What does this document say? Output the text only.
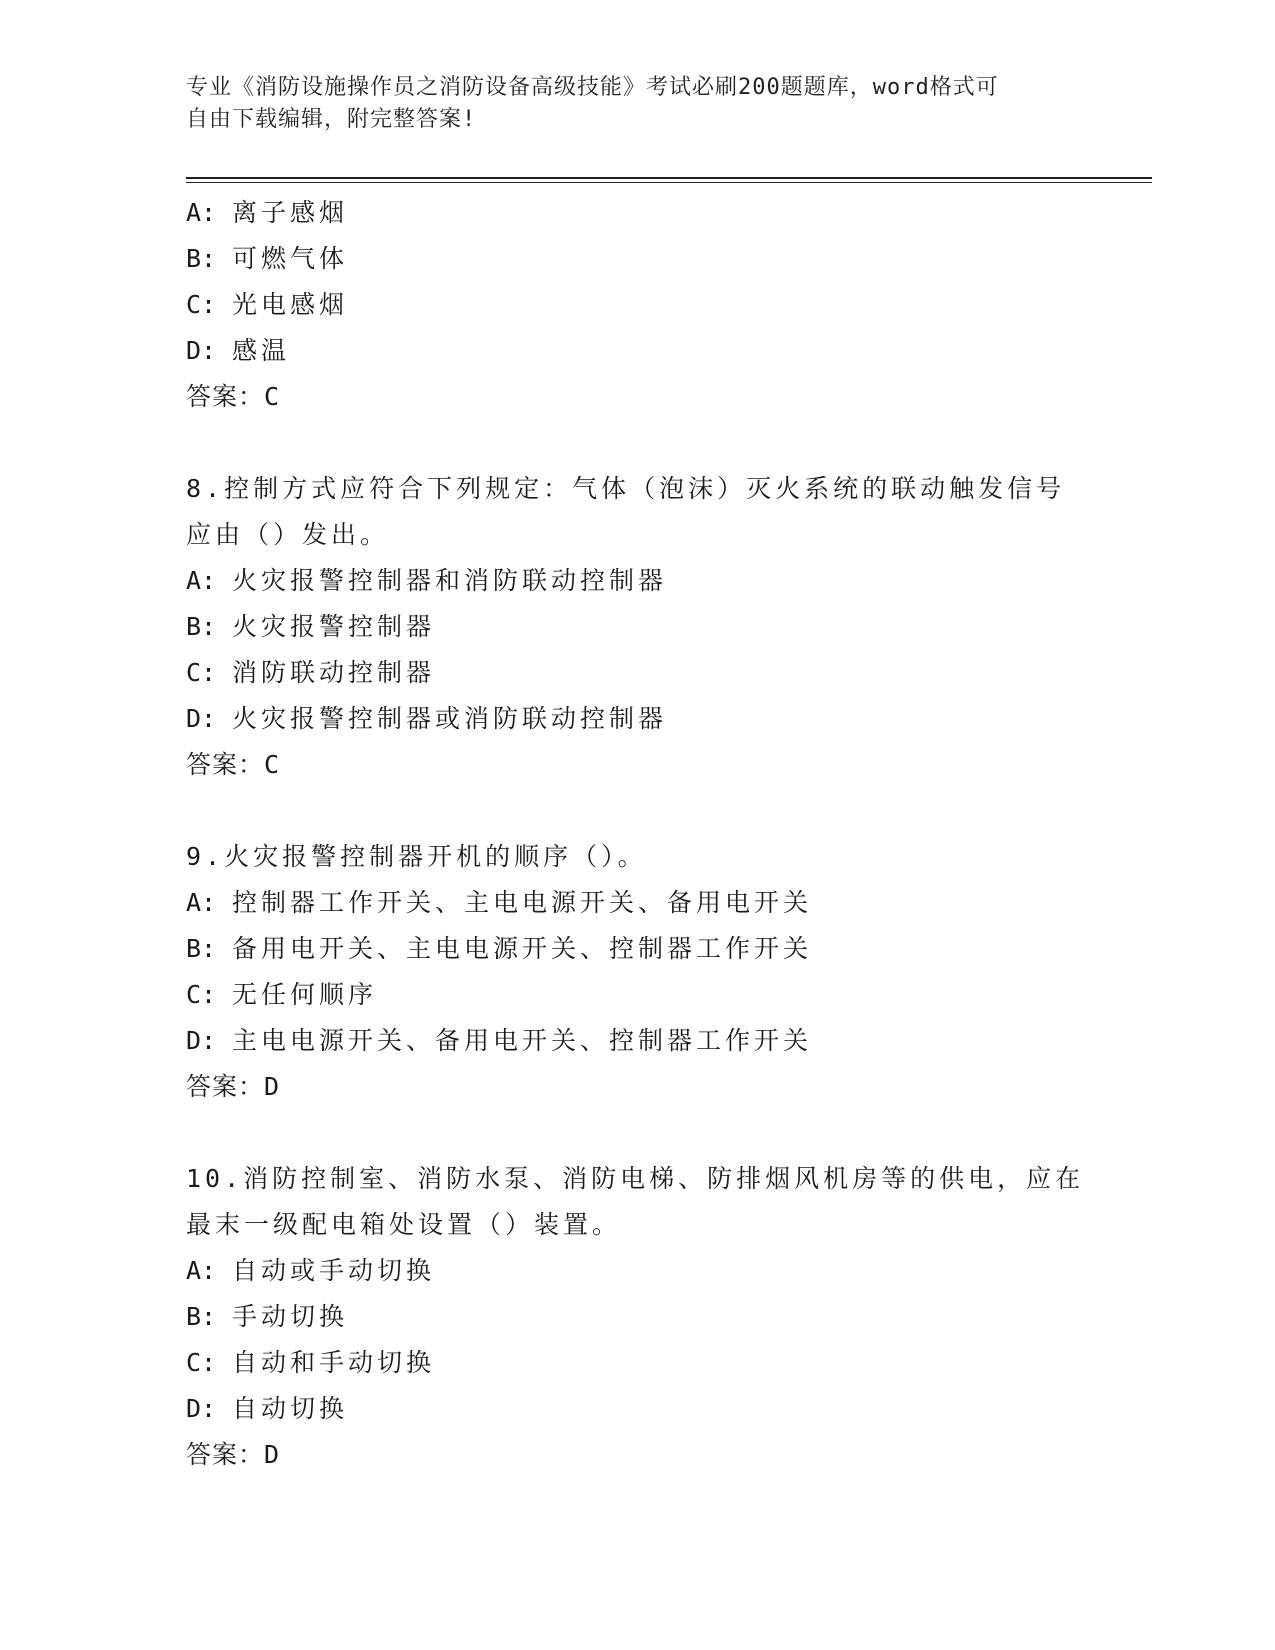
专业《消防设施操作员之消防设备高级技能》考试必刷200题题库，word格式可
自由下载编辑，附完整答案!
A: 离子感烟
B: 可燃气体
C: 光电感烟
D: 感温
答案：C
8.控制方式应符合下列规定：气体（泡沫）灭火系统的联动触发信号
应由（）发出。
A: 火灾报警控制器和消防联动控制器
B: 火灾报警控制器
C: 消防联动控制器
D: 火灾报警控制器或消防联动控制器
答案：C
9.火灾报警控制器开机的顺序（）。
A: 控制器工作开关、主电电源开关、备用电开关
B: 备用电开关、主电电源开关、控制器工作开关
C: 无任何顺序
D: 主电电源开关、备用电开关、控制器工作开关
答案：D
10.消防控制室、消防水泵、消防电梯、防排烟风机房等的供电，应在
最末一级配电箱处设置（）装置。
A: 自动或手动切换
B: 手动切换
C: 自动和手动切换
D: 自动切换
答案：D
